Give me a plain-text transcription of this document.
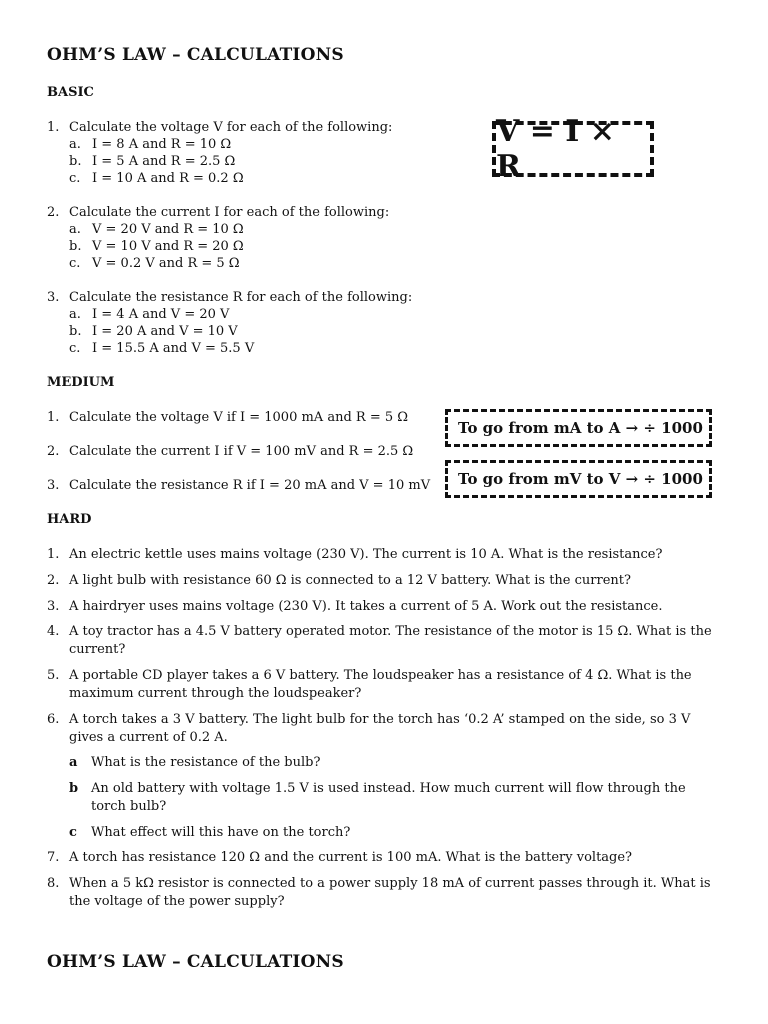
OHM’S LAW – CALCULATIONS
BASIC
1. Calculate the voltage V for each of the following:
a. I = 8 A and R = 10 Ω
b. I = 5 A and R = 2.5 Ω
c. I = 10 A and R = 0.2 Ω
2. Calculate the current I for each of the following:
a. V = 20 V and R = 10 Ω
b. V = 10 V and R = 20 Ω
c. V = 0.2 V and R = 5 Ω
3. Calculate the resistance R for each of the following:
a. I = 4 A and V = 20 V
b. I = 20 A and V = 10 V
c. I = 15.5 A and V = 5.5 V
V = I × R
MEDIUM
1. Calculate the voltage V if I = 1000 mA and R = 5 Ω
2. Calculate the current I if V = 100 mV and R = 2.5 Ω
3. Calculate the resistance R if I = 20 mA and V = 10 mV
To go from mA to A → ÷ 1000
To go from mV to V → ÷ 1000
HARD
1. An electric kettle uses mains voltage (230 V). The current is 10 A. What is the resistance?
2. A light bulb with resistance 60 Ω is connected to a 12 V battery. What is the current?
3. A hairdryer uses mains voltage (230 V). It takes a current of 5 A. Work out the resistance.
4. A toy tractor has a 4.5 V battery operated motor. The resistance of the motor is 15 Ω. What is the current?
5. A portable CD player takes a 6 V battery. The loudspeaker has a resistance of 4 Ω. What is the maximum current through the loudspeaker?
6. A torch takes a 3 V battery. The light bulb for the torch has ‘0.2 A’ stamped on the side, so 3 V gives a current of 0.2 A.
a What is the resistance of the bulb?
b An old battery with voltage 1.5 V is used instead. How much current will flow through the torch bulb?
c What effect will this have on the torch?
7. A torch has resistance 120 Ω and the current is 100 mA. What is the battery voltage?
8. When a 5 kΩ resistor is connected to a power supply 18 mA of current passes through it. What is the voltage of the power supply?
OHM’S LAW – CALCULATIONS
